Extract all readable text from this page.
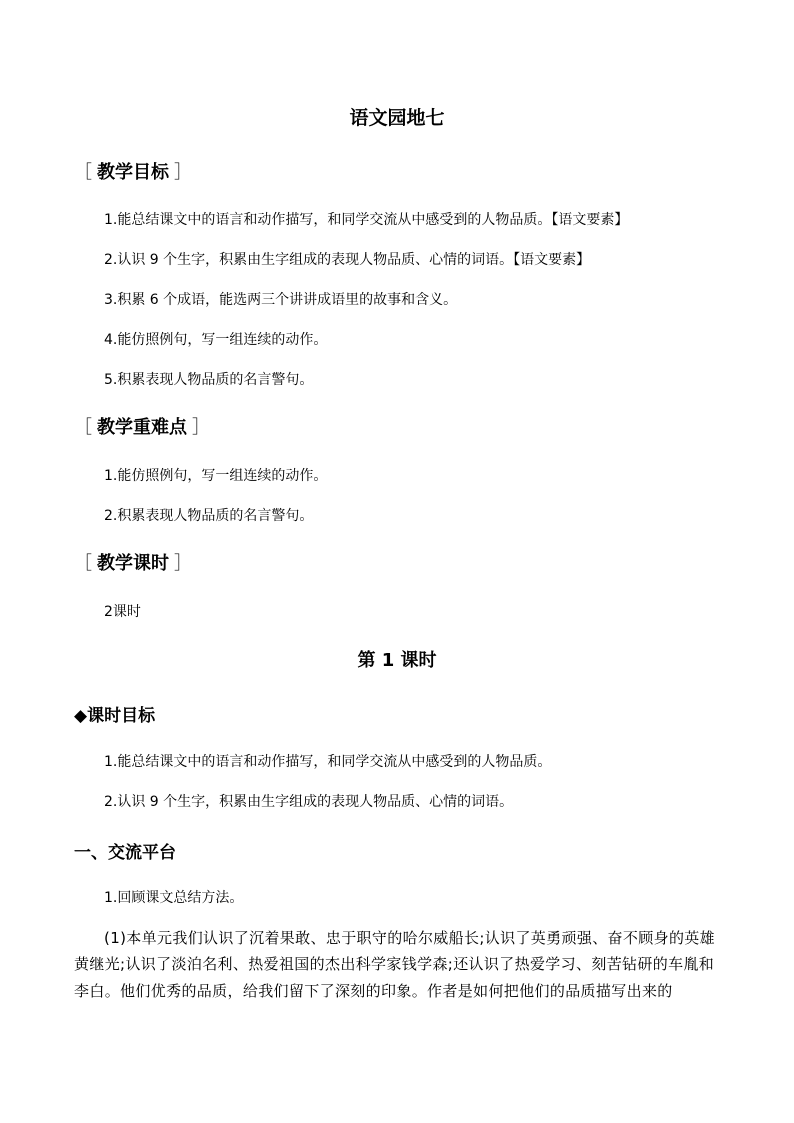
语文园地七
［ 教学目标 ］
1.能总结课文中的语言和动作描写，和同学交流从中感受到的人物品质。【语文要素】
2.认识 9 个生字，积累由生字组成的表现人物品质、心情的词语。【语文要素】
3.积累 6 个成语，能选两三个讲讲成语里的故事和含义。
4.能仿照例句，写一组连续的动作。
5.积累表现人物品质的名言警句。
［ 教学重难点 ］
1.能仿照例句，写一组连续的动作。
2.积累表现人物品质的名言警句。
［ 教学课时 ］
2课时
第 1 课时
◆课时目标
1.能总结课文中的语言和动作描写，和同学交流从中感受到的人物品质。
2.认识 9 个生字，积累由生字组成的表现人物品质、心情的词语。
一、交流平台
1.回顾课文总结方法。
(1)本单元我们认识了沉着果敢、忠于职守的哈尔威船长;认识了英勇顽强、奋不顾身的英雄黄继光;认识了淡泊名利、热爱祖国的杰出科学家钱学森;还认识了热爱学习、刻苦钻研的车胤和李白。他们优秀的品质，给我们留下了深刻的印象。作者是如何把他们的品质描写出来的
